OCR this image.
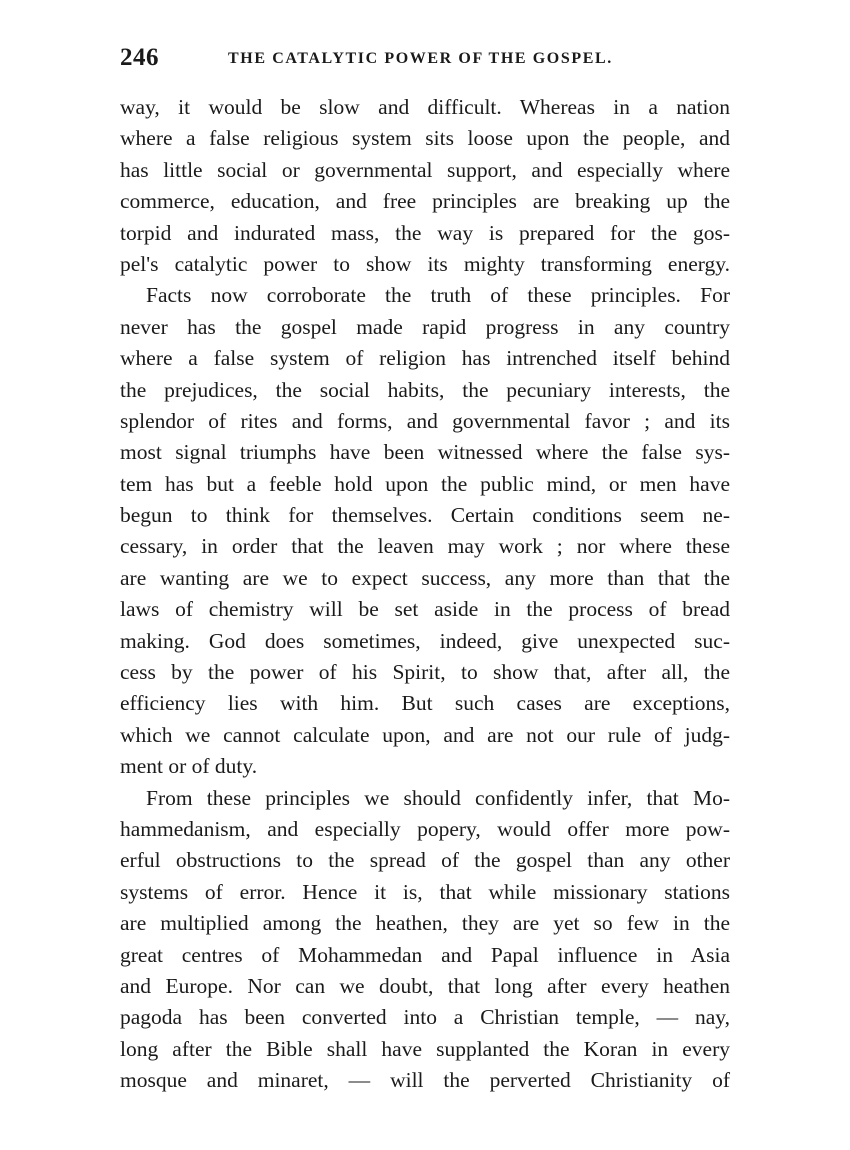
246	THE CATALYTIC POWER OF THE GOSPEL.
way, it would be slow and difficult. Whereas in a nation
where a false religious system sits loose upon the people, and
has little social or governmental support, and especially where
commerce, education, and free principles are breaking up the
torpid and indurated mass, the way is prepared for the gos-
pel's catalytic power to show its mighty transforming energy.
Facts now corroborate the truth of these principles. For
never has the gospel made rapid progress in any country
where a false system of religion has intrenched itself behind
the prejudices, the social habits, the pecuniary interests, the
splendor of rites and forms, and governmental favor ; and its
most signal triumphs have been witnessed where the false sys-
tem has but a feeble hold upon the public mind, or men have
begun to think for themselves. Certain conditions seem ne-
cessary, in order that the leaven may work ; nor where these
are wanting are we to expect success, any more than that the
laws of chemistry will be set aside in the process of bread
making. God does sometimes, indeed, give unexpected suc-
cess by the power of his Spirit, to show that, after all, the
efficiency lies with him. But such cases are exceptions,
which we cannot calculate upon, and are not our rule of judg-
ment or of duty.
From these principles we should confidently infer, that Mo-
hammedanism, and especially popery, would offer more pow-
erful obstructions to the spread of the gospel than any other
systems of error. Hence it is, that while missionary stations
are multiplied among the heathen, they are yet so few in the
great centres of Mohammedan and Papal influence in Asia
and Europe. Nor can we doubt, that long after every heathen
pagoda has been converted into a Christian temple, — nay,
long after the Bible shall have supplanted the Koran in every
mosque and minaret, — will the perverted Christianity of
